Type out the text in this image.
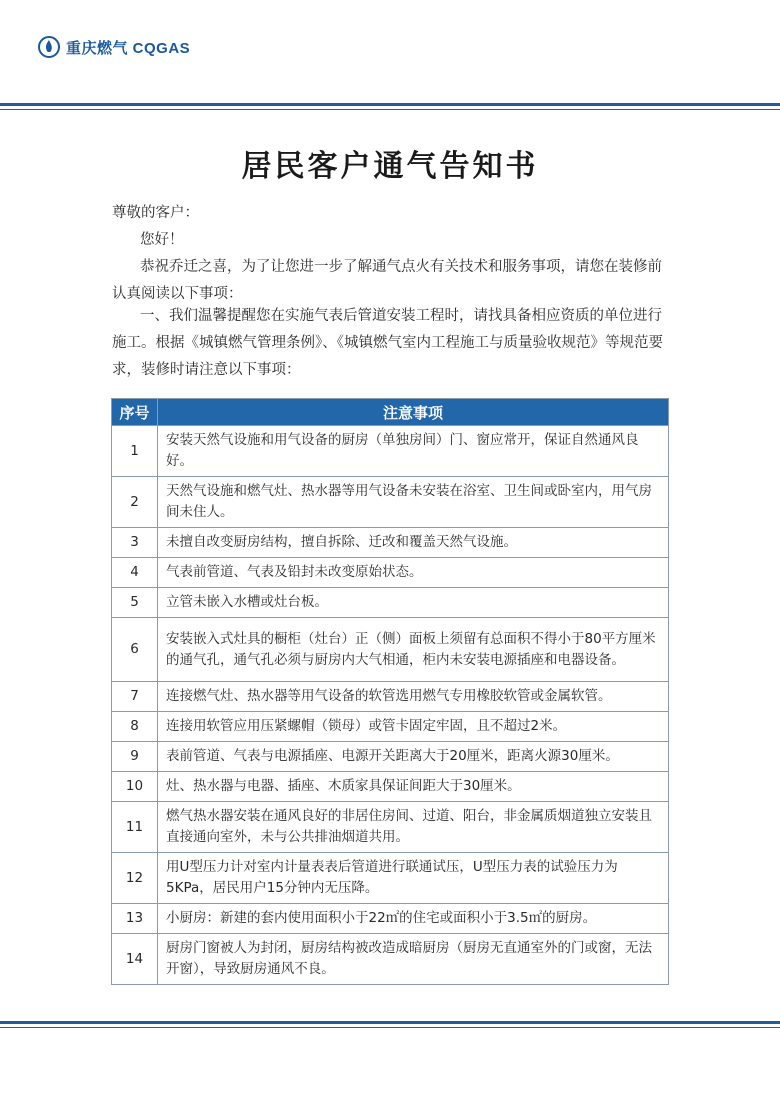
重庆燃气 CQGAS
居民客户通气告知书
尊敬的客户：
您好！
恭祝乔迁之喜，为了让您进一步了解通气点火有关技术和服务事项，请您在装修前认真阅读以下事项：
一、我们温馨提醒您在实施气表后管道安装工程时，请找具备相应资质的单位进行施工。根据《城镇燃气管理条例》、《城镇燃气室内工程施工与质量验收规范》等规范要求，装修时请注意以下事项：
序号	注意事项
1	安装天然气设施和用气设备的厨房（单独房间）门、窗应常开，保证自然通风良好。
2	天然气设施和燃气灶、热水器等用气设备未安装在浴室、卫生间或卧室内，用气房间未住人。
3	未擅自改变厨房结构，擅自拆除、迁改和覆盖天然气设施。
4	气表前管道、气表及铅封未改变原始状态。
5	立管未嵌入水槽或灶台板。
6	安装嵌入式灶具的橱柜（灶台）正（侧）面板上须留有总面积不得小于80平方厘米的通气孔，通气孔必须与厨房内大气相通，柜内未安装电源插座和电器设备。
7	连接燃气灶、热水器等用气设备的软管选用燃气专用橡胶软管或金属软管。
8	连接用软管应用压紧螺帽（锁母）或管卡固定牢固，且不超过2米。
9	表前管道、气表与电源插座、电源开关距离大于20厘米，距离火源30厘米。
10	灶、热水器与电器、插座、木质家具保证间距大于30厘米。
11	燃气热水器安装在通风良好的非居住房间、过道、阳台，非金属质烟道独立安装且直接通向室外，未与公共排油烟道共用。
12	用U型压力计对室内计量表表后管道进行联通试压，U型压力表的试验压力为5KPa，居民用户15分钟内无压降。
13	小厨房：新建的套内使用面积小于22㎡的住宅或面积小于3.5㎡的厨房。
14	厨房门窗被人为封闭，厨房结构被改造成暗厨房（厨房无直通室外的门或窗，无法开窗），导致厨房通风不良。
